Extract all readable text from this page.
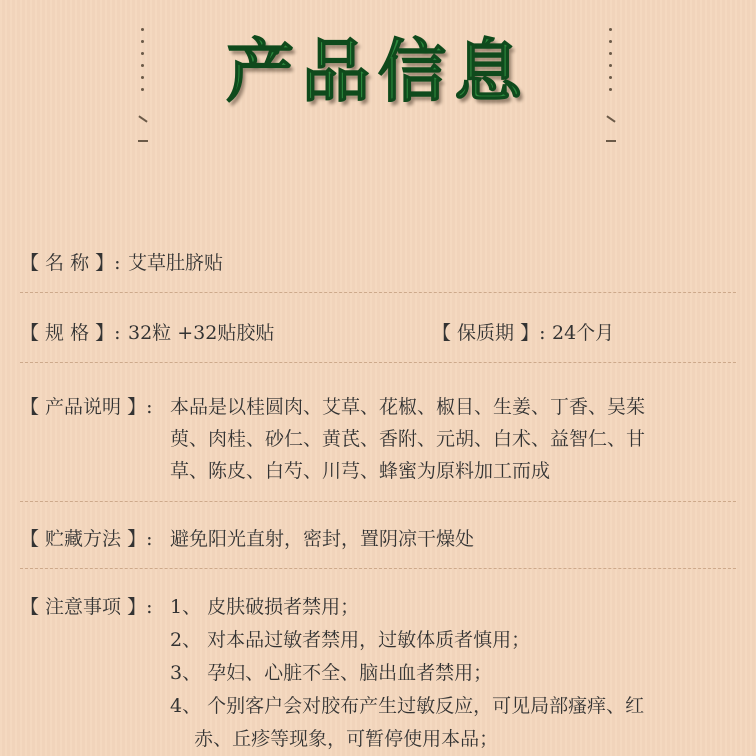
产品信息
【 名 称 】: 艾草肚脐贴
【 规 格 】: 32粒 +32贴胶贴	【 保质期 】: 24个月
【 产品说明 】: 本品是以桂圆肉、艾草、花椒、椒目、生姜、丁香、吴茱
萸、肉桂、砂仁、黄芪、香附、元胡、白术、益智仁、甘
草、陈皮、白芍、川芎、蜂蜜为原料加工而成
【 贮藏方法 】: 避免阳光直射，密封，置阴凉干燥处
【 注意事项 】: 1、 皮肤破损者禁用；
2、 对本品过敏者禁用，过敏体质者慎用；
3、 孕妇、心脏不全、脑出血者禁用；
4、 个别客户会对胶布产生过敏反应，可见局部瘙痒、红
赤、丘疹等现象，可暂停使用本品；
